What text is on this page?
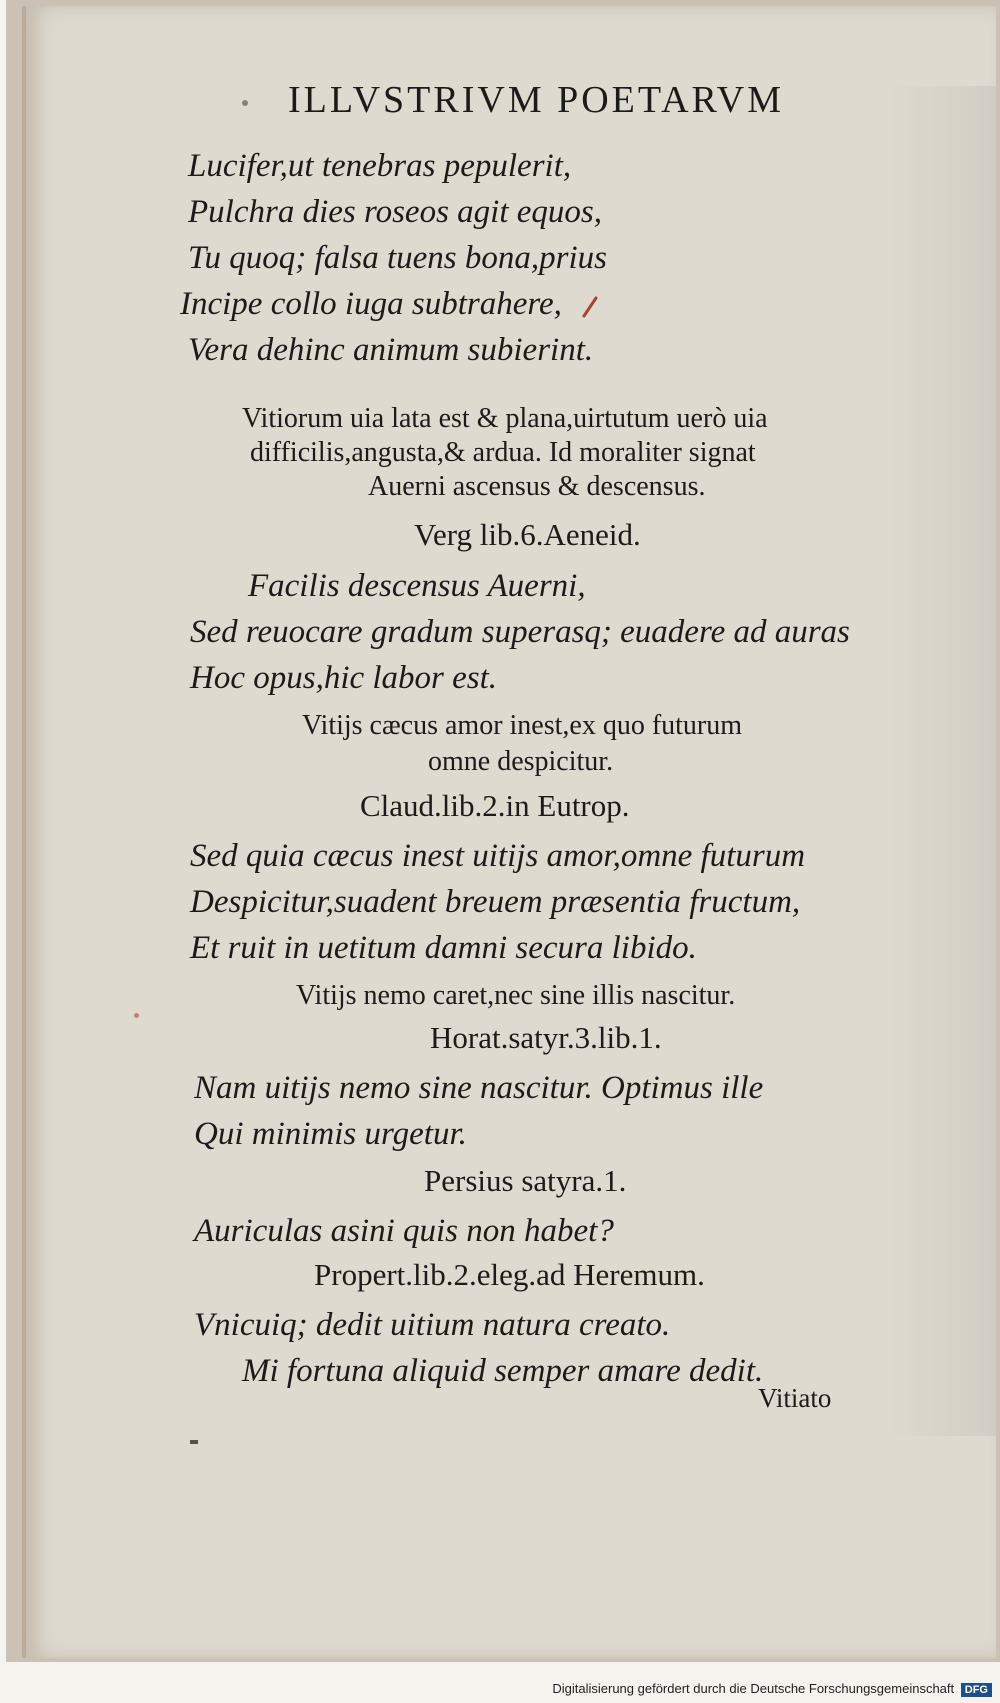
ILLVSTRIVM POETARVM
Lucifer,ut tenebras pepulerit,
Pulchra dies roseos agit equos,
Tu quoq; falsa tuens bona,prius
Incipe collo iuga subtrahere,
Vera dehinc animum subierint.
Vitiorum uia lata est & plana,uirtutum uerò uia
difficilis,angusta,& ardua. Id moraliter signat
Auerni ascensus & descensus.
Verg lib.6.Aeneid.
Facilis descensus Auerni,
Sed reuocare gradum superasq; euadere ad auras
Hoc opus,hic labor est.
Vitijs cæcus amor inest,ex quo futurum
omne despicitur.
Claud.lib.2.in Eutrop.
Sed quia cæcus inest uitijs amor,omne futurum
Despicitur,suadent breuem præsentia fructum,
Et ruit in uetitum damni secura libido.
Vitijs nemo caret,nec sine illis nascitur.
Horat.satyr.3.lib.1.
Nam uitijs nemo sine nascitur. Optimus ille
Qui minimis urgetur.
Persius satyra.1.
Auriculas asini quis non habet?
Propert.lib.2.eleg.ad Heremum.
Vnicuiq; dedit uitium natura creato.
Mi fortuna aliquid semper amare dedit.
Vitiato
Digitalisierung gefördert durch die Deutsche Forschungsgemeinschaft DFG
